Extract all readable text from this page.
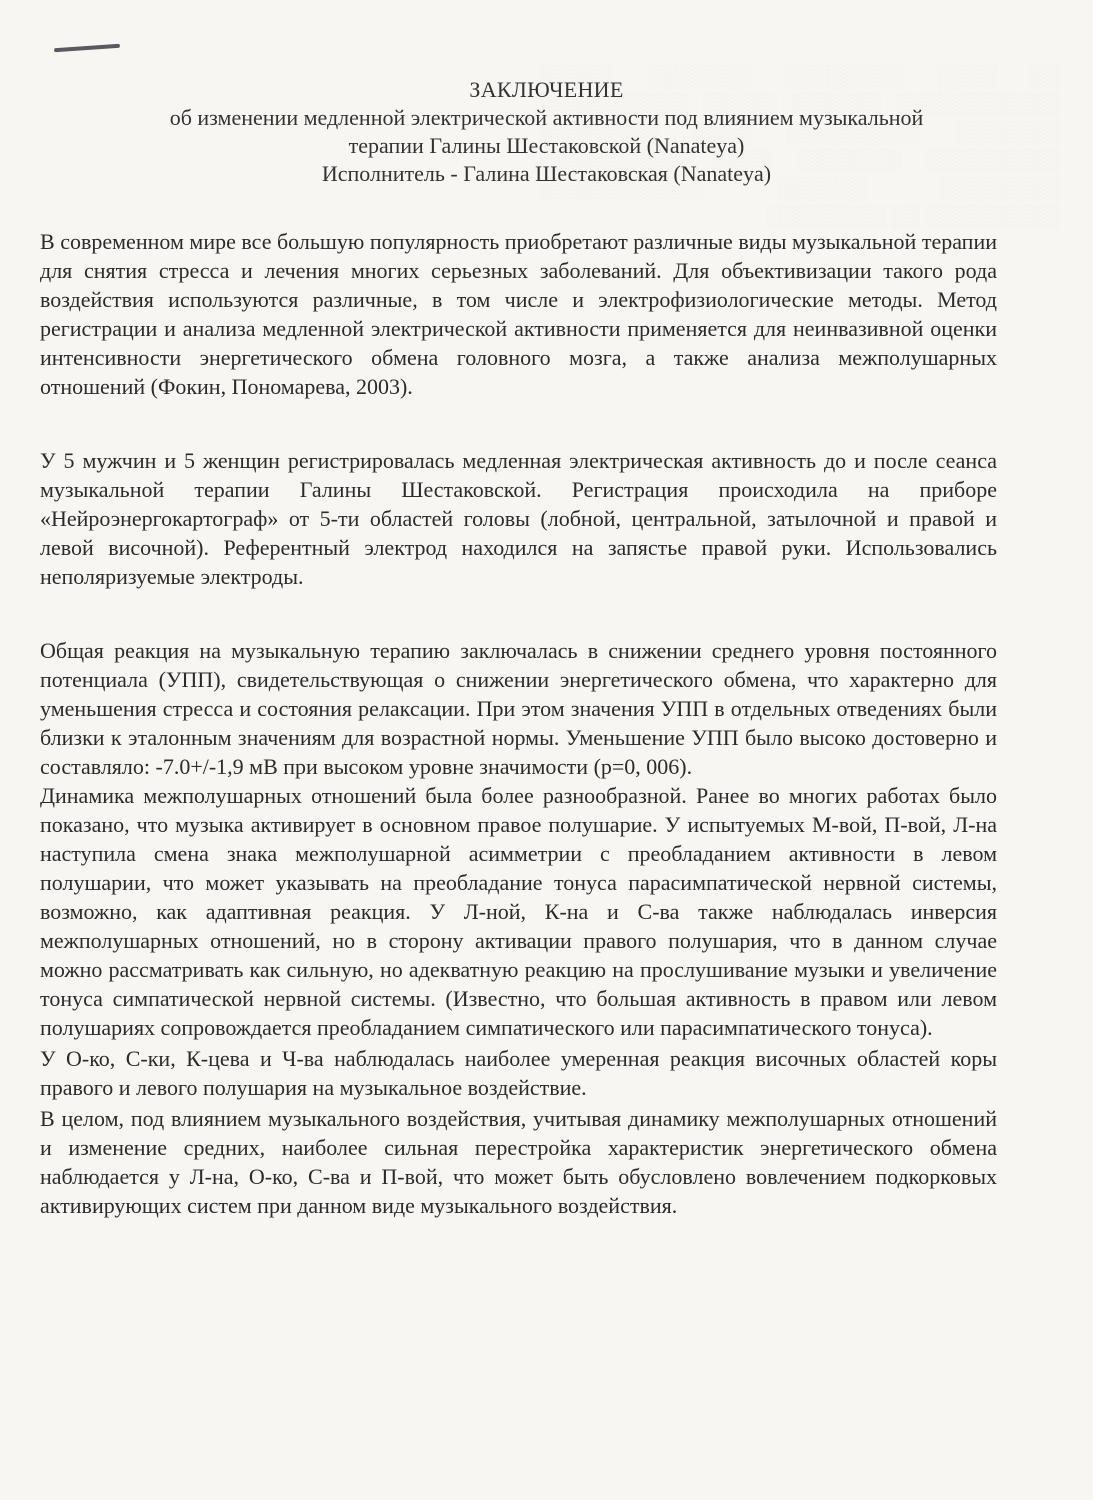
ЗАКЛЮЧЕНИЕ
об изменении медленной электрической активности под влиянием музыкальной
терапии Галины Шестаковской (Nanateya)
Исполнитель - Галина Шестаковская (Nanateya)

В современном мире все большую популярность приобретают различные виды музыкальной терапии для снятия стресса и лечения многих серьезных заболеваний. Для объективизации такого рода воздействия используются различные, в том числе и электрофизиологические методы. Метод регистрации и анализа медленной электрической активности применяется для неинвазивной оценки интенсивности энергетического обмена головного мозга, а также анализа межполушарных отношений (Фокин, Пономарева, 2003).

У 5 мужчин и 5 женщин регистрировалась медленная электрическая активность до и после сеанса музыкальной терапии Галины Шестаковской. Регистрация происходила на приборе «Нейроэнергокартограф» от 5-ти областей головы (лобной, центральной, затылочной и правой и левой височной). Референтный электрод находился на запястье правой руки. Использовались неполяризуемые электроды.

Общая реакция на музыкальную терапию заключалась в снижении среднего уровня постоянного потенциала (УПП), свидетельствующая о снижении энергетического обмена, что характерно для уменьшения стресса и состояния релаксации. При этом значения УПП в отдельных отведениях были близки к эталонным значениям для возрастной нормы. Уменьшение УПП было высоко достоверно и составляло: -7.0+/-1,9 мВ при высоком уровне значимости (p=0, 006).

Динамика межполушарных отношений была более разнообразной. Ранее во многих работах было показано, что музыка активирует в основном правое полушарие. У испытуемых М-вой, П-вой, Л-на наступила смена знака межполушарной асимметрии с преобладанием активности в левом полушарии, что может указывать на преобладание тонуса парасимпатической нервной системы, возможно, как адаптивная реакция. У Л-ной, К-на и С-ва также наблюдалась инверсия межполушарных отношений, но в сторону активации правого полушария, что в данном случае можно рассматривать как сильную, но адекватную реакцию на прослушивание музыки и увеличение тонуса симпатической нервной системы. (Известно, что большая активность в правом или левом полушариях сопровождается преобладанием симпатического или парасимпатического тонуса).

У О-ко, С-ки, К-цева и Ч-ва наблюдалась наиболее умеренная реакция височных областей коры правого и левого полушария на музыкальное воздействие.

В целом, под влиянием музыкального воздействия, учитывая динамику межполушарных отношений и изменение средних, наиболее сильная перестройка характеристик энергетического обмена наблюдается у Л-на, О-ко, С-ва и П-вой, что может быть обусловлено вовлечением подкорковых активирующих систем при данном виде музыкального воздействия.
